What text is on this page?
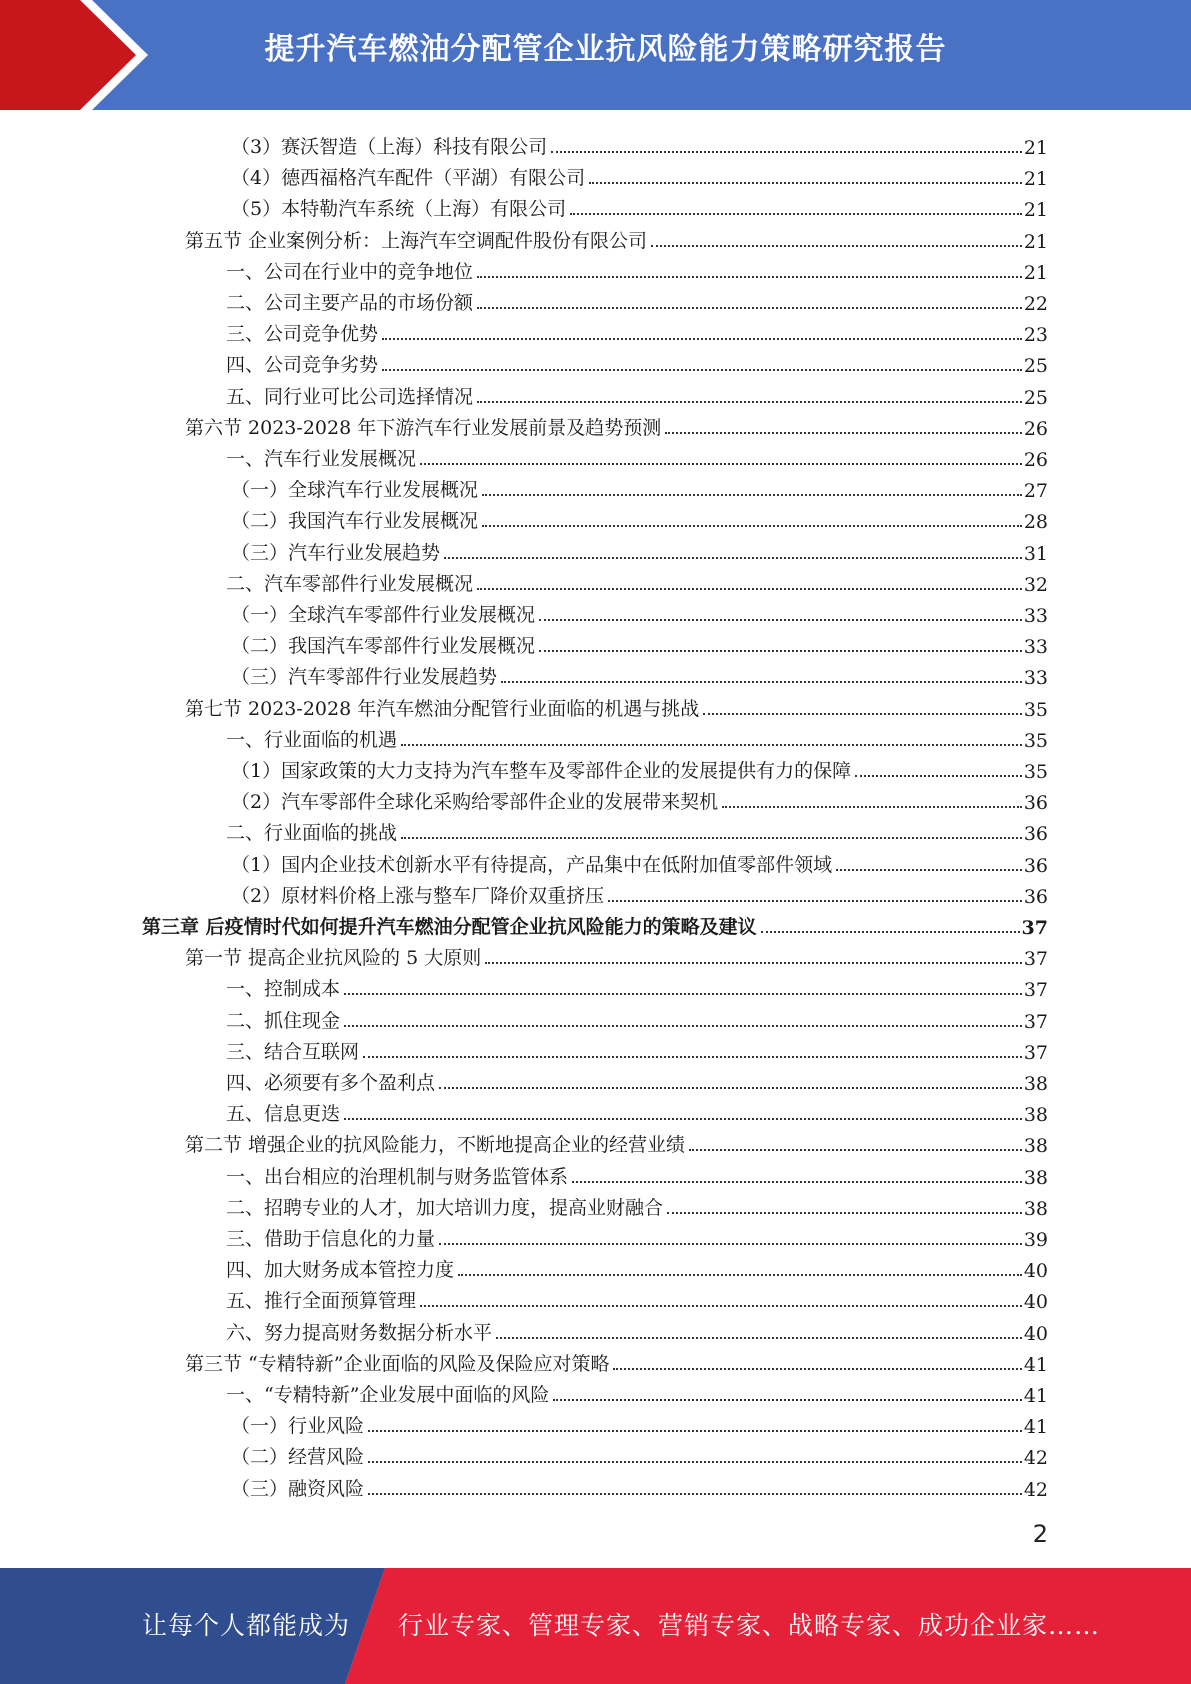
提升汽车燃油分配管企业抗风险能力策略研究报告
（3）赛沃智造（上海）科技有限公司	21
（4）德西福格汽车配件（平湖）有限公司	21
（5）本特勒汽车系统（上海）有限公司	21
第五节 企业案例分析：上海汽车空调配件股份有限公司	21
一、公司在行业中的竞争地位	21
二、公司主要产品的市场份额	22
三、公司竞争优势	23
四、公司竞争劣势	25
五、同行业可比公司选择情况	25
第六节 2023-2028 年下游汽车行业发展前景及趋势预测	26
一、汽车行业发展概况	26
（一）全球汽车行业发展概况	27
（二）我国汽车行业发展概况	28
（三）汽车行业发展趋势	31
二、汽车零部件行业发展概况	32
（一）全球汽车零部件行业发展概况	33
（二）我国汽车零部件行业发展概况	33
（三）汽车零部件行业发展趋势	33
第七节 2023-2028 年汽车燃油分配管行业面临的机遇与挑战	35
一、行业面临的机遇	35
（1）国家政策的大力支持为汽车整车及零部件企业的发展提供有力的保障	35
（2）汽车零部件全球化采购给零部件企业的发展带来契机	36
二、行业面临的挑战	36
（1）国内企业技术创新水平有待提高，产品集中在低附加值零部件领域	36
（2）原材料价格上涨与整车厂降价双重挤压	36
第三章 后疫情时代如何提升汽车燃油分配管企业抗风险能力的策略及建议	37
第一节 提高企业抗风险的 5 大原则	37
一、控制成本	37
二、抓住现金	37
三、结合互联网	37
四、必须要有多个盈利点	38
五、信息更迭	38
第二节 增强企业的抗风险能力，不断地提高企业的经营业绩	38
一、出台相应的治理机制与财务监管体系	38
二、招聘专业的人才，加大培训力度，提高业财融合	38
三、借助于信息化的力量	39
四、加大财务成本管控力度	40
五、推行全面预算管理	40
六、努力提高财务数据分析水平	40
第三节 “专精特新”企业面临的风险及保险应对策略	41
一、“专精特新”企业发展中面临的风险	41
（一）行业风险	41
（二）经营风险	42
（三）融资风险	42
2
让每个人都能成为 行业专家、管理专家、营销专家、战略专家、成功企业家……
